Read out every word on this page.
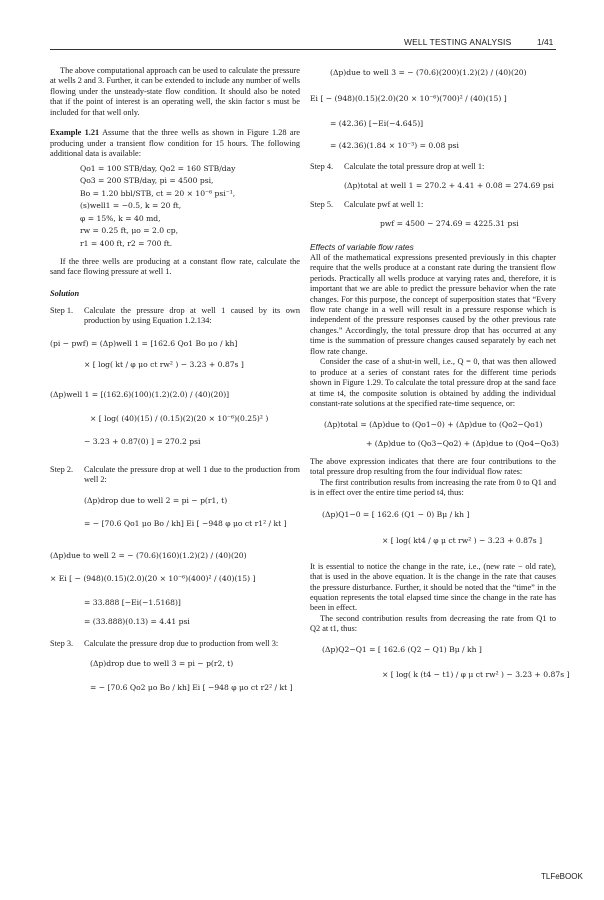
WELL TESTING ANALYSIS	1/41

The above computational approach can be used to calculate the pressure at wells 2 and 3. Further, it can be extended to include any number of wells flowing under the unsteady-state flow condition. It should also be noted that if the point of interest is an operating well, the skin factor s must be included for that well only.

Example 1.21 Assume that the three wells as shown in Figure 1.28 are producing under a transient flow condition for 15 hours. The following additional data is available:

Qo1 = 100 STB/day, Qo2 = 160 STB/day
Qo3 = 200 STB/day, pi = 4500 psi,
Bo = 1.20 bbl/STB, ct = 20 × 10⁻⁶ psi⁻¹,
(s)well1 = −0.5, k = 20 ft,
φ = 15%, k = 40 md,
rw = 0.25 ft, μo = 2.0 cp,
r1 = 400 ft, r2 = 700 ft.

If the three wells are producing at a constant flow rate, calculate the sand face flowing pressure at well 1.

Solution

Step 1. Calculate the pressure drop at well 1 caused by its own production by using Equation 1.2.134:
(pi − pwf) = (Δp)well 1 = [162.6 Qo1 Bo μo / kh]
× [ log( kt / φ μo ct rw² ) − 3.23 + 0.87s ]
(Δp)well 1 = [(162.6)(100)(1.2)(2.0) / (40)(20)]
× [ log( (40)(15) / (0.15)(2)(20 × 10⁻⁶)(0.25)² )
− 3.23 + 0.87(0) ] = 270.2 psi
Step 2. Calculate the pressure drop at well 1 due to the production from well 2:
(Δp)drop due to well 2 = pi − p(r1, t)
= − [70.6 Qo1 μo Bo / kh] Ei [ −948 φ μo ct r1² / kt ]
(Δp)due to well 2 = − (70.6)(160)(1.2)(2) / (40)(20)
× Ei [ − (948)(0.15)(2.0)(20 × 10⁻⁶)(400)² / (40)(15) ]
= 33.888 [−Ei(−1.5168)]
= (33.888)(0.13) = 4.41 psi
Step 3. Calculate the pressure drop due to production from well 3:
(Δp)drop due to well 3 = pi − p(r2, t)
= − [70.6 Qo2 μo Bo / kh] Ei [ −948 φ μo ct r2² / kt ]
(Δp)due to well 3 = − (70.6)(200)(1.2)(2) / (40)(20)
Ei [ − (948)(0.15)(2.0)(20 × 10⁻⁶)(700)² / (40)(15) ]
= (42.36) [−Ei(−4.645)]
= (42.36)(1.84 × 10⁻³) = 0.08 psi
Step 4. Calculate the total pressure drop at well 1:
(Δp)total at well 1 = 270.2 + 4.41 + 0.08 = 274.69 psi
Step 5. Calculate pwf at well 1:
pwf = 4500 − 274.69 = 4225.31 psi

Effects of variable flow rates

All of the mathematical expressions presented previously in this chapter require that the wells produce at a constant rate during the transient flow periods. Practically all wells produce at varying rates and, therefore, it is important that we are able to predict the pressure behavior when the rate changes. For this purpose, the concept of superposition states that “Every flow rate change in a well will result in a pressure response which is independent of the pressure responses caused by the other previous rate changes.” Accordingly, the total pressure drop that has occurred at any time is the summation of pressure changes caused separately by each net flow rate change.

Consider the case of a shut-in well, i.e., Q = 0, that was then allowed to produce at a series of constant rates for the different time periods shown in Figure 1.29. To calculate the total pressure drop at the sand face at time t4, the composite solution is obtained by adding the individual constant-rate solutions at the specified rate-time sequence, or:

(Δp)total = (Δp)due to (Qo1−0) + (Δp)due to (Qo2−Qo1)
+ (Δp)due to (Qo3−Qo2) + (Δp)due to (Qo4−Qo3)

The above expression indicates that there are four contributions to the total pressure drop resulting from the four individual flow rates:

The first contribution results from increasing the rate from 0 to Q1 and is in effect over the entire time period t4, thus:

(Δp)Q1−0 = [ 162.6 (Q1 − 0) Bμ / kh ]
× [ log( kt4 / φ μ ct rw² ) − 3.23 + 0.87s ]

It is essential to notice the change in the rate, i.e., (new rate − old rate), that is used in the above equation. It is the change in the rate that causes the pressure disturbance. Further, it should be noted that the “time” in the equation represents the total elapsed time since the change in the rate has been in effect.

The second contribution results from decreasing the rate from Q1 to Q2 at t1, thus:

(Δp)Q2−Q1 = [ 162.6 (Q2 − Q1) Bμ / kh ]
× [ log( k (t4 − t1) / φ μ ct rw² ) − 3.23 + 0.87s ]
TLFeBOOK
